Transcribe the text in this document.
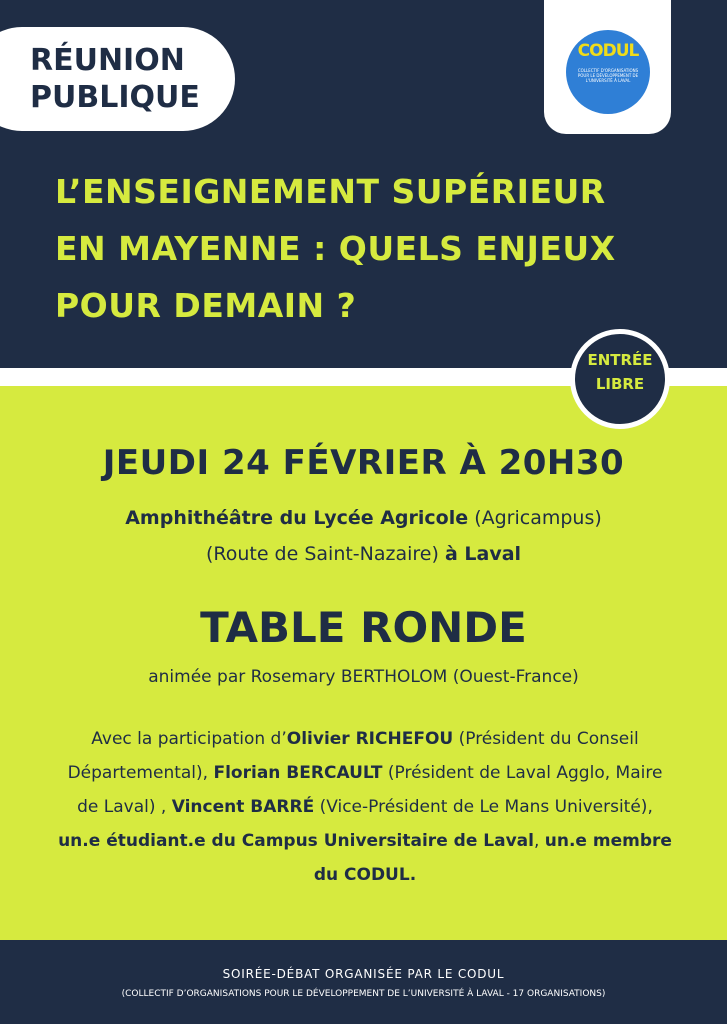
RÉUNION
PUBLIQUE

CODUL
COLLECTIF D'ORGANISATIONS POUR LE DÉVELOPPEMENT DE L'UNIVERSITÉ À LAVAL
L’ENSEIGNEMENT SUPÉRIEUR
EN MAYENNE : QUELS ENJEUX
POUR DEMAIN ?

ENTRÉE
LIBRE

JEUDI 24 FÉVRIER À 20H30
Amphithéâtre du Lycée Agricole (Agricampus)
(Route de Saint-Nazaire) à Laval
TABLE RONDE
animée par Rosemary BERTHOLOM (Ouest-France)
Avec la participation d’Olivier RICHEFOU (Président du Conseil Départemental), Florian BERCAULT (Président de Laval Agglo, Maire de Laval) , Vincent BARRÉ (Vice-Président de Le Mans Université), un.e étudiant.e du Campus Universitaire de Laval, un.e membre du CODUL.
SOIRÉE-DÉBAT ORGANISÉE PAR LE CODUL
(COLLECTIF D’ORGANISATIONS POUR LE DÉVELOPPEMENT DE L’UNIVERSITÉ À LAVAL - 17 ORGANISATIONS)
